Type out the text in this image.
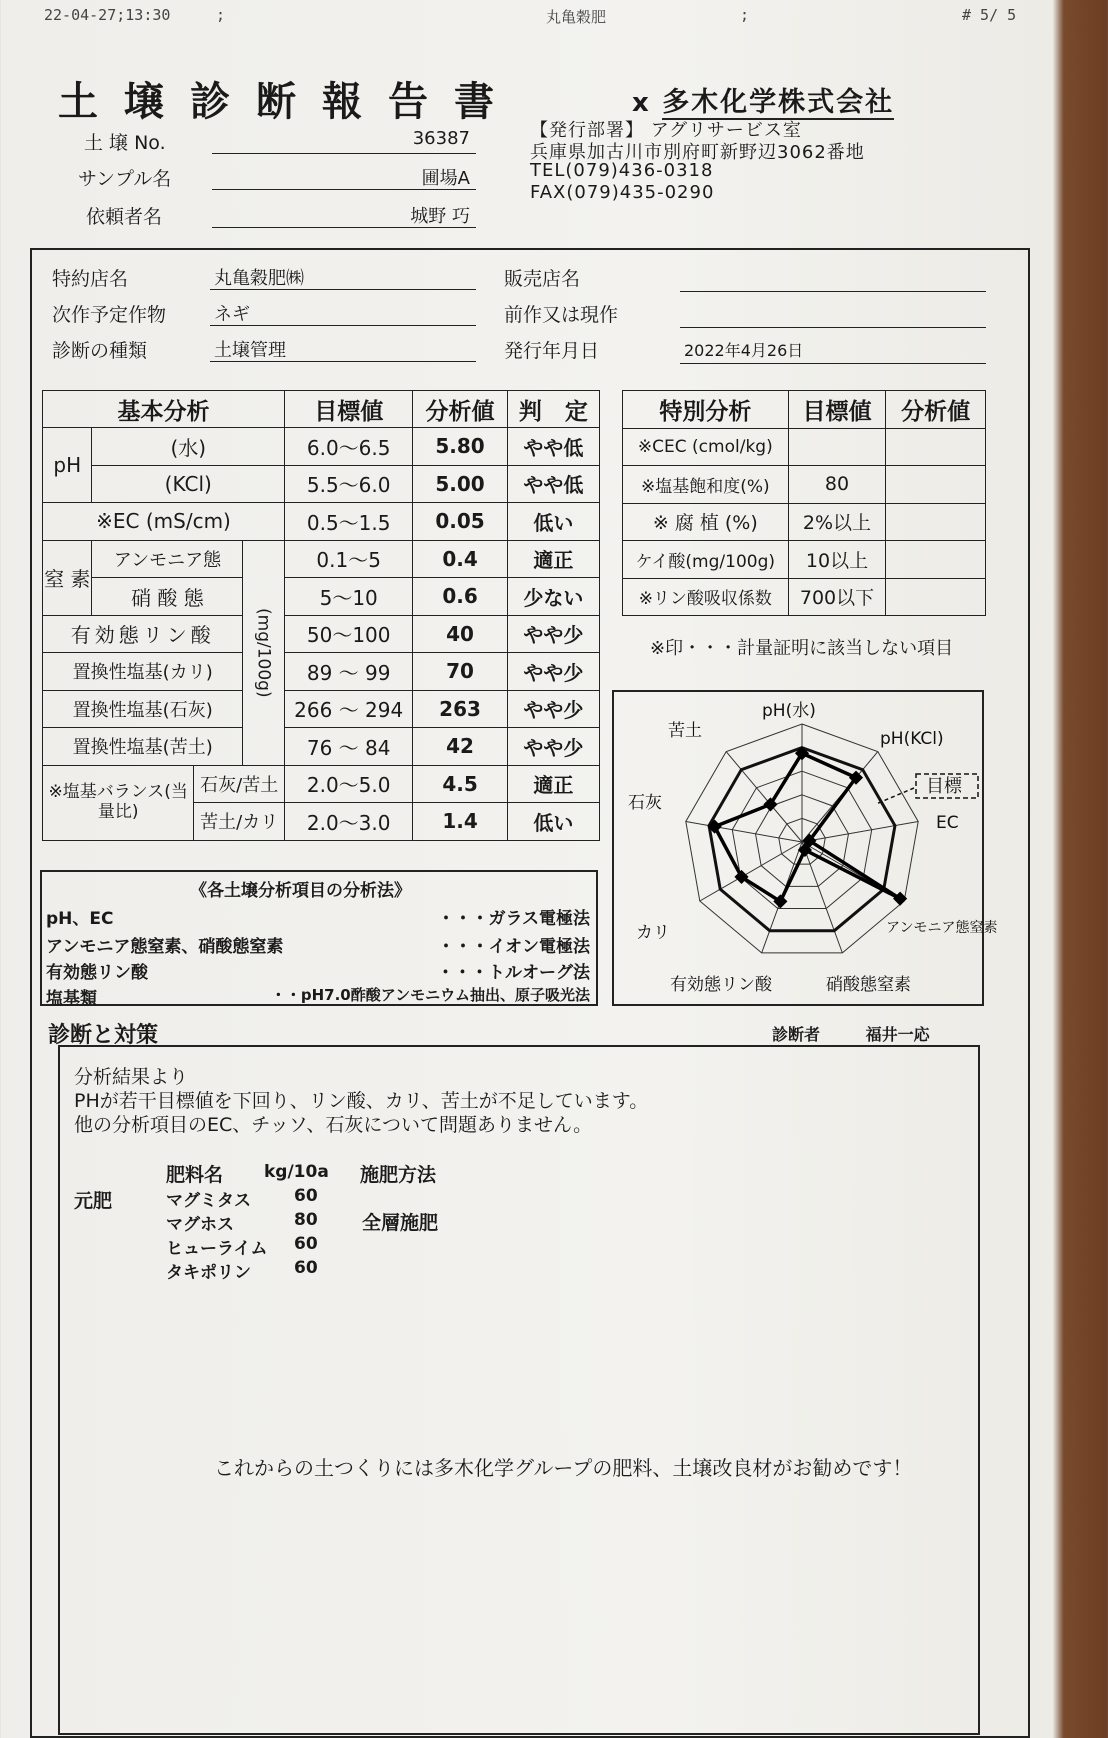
22-04-27;13:30	;	丸亀穀肥	;	# 5/ 5
土壌診断報告書	ⅹ 多木化学株式会社
土 壌 No.	36387
サンプル名	圃場A
依頼者名	城野 巧
【発行部署】 アグリサービス室
兵庫県加古川市別府町新野辺3062番地
TEL(079)436-0318
FAX(079)435-0290
特約店名	丸亀穀肥㈱
次作予定作物	ネギ
診断の種類	土壌管理
販売店名
前作又は現作
発行年月日	2022年4月26日
基本分析				目標値	分析値	判　定
pH	(水)			6.0〜6.5	5.80	やや低
	(KCl)			5.5〜6.0	5.00	やや低
※EC (mS/cm)				0.5〜1.5	0.05	低い
窒 素	アンモニア態		(mg/100g)	0.1〜5	0.4	適正
	硝 酸 態			5〜10	0.6	少ない
有効態リン酸				50〜100	40	やや少
置換性塩基(カリ)				89 〜 99	70	やや少
置換性塩基(石灰)				266 〜 294	263	やや少
置換性塩基(苦土)				76 〜 84	42	やや少
※塩基バランス(当量比)		石灰/苦土		2.0〜5.0	4.5	適正
		苦土/カリ		2.0〜3.0	1.4	低い
特別分析	目標値	分析値
※CEC (cmol/kg)		
※塩基飽和度(%)	80	
※ 腐 植 (%)	2%以上	
ケイ酸(mg/100g)	10以上	
※リン酸吸収係数	700以下	
※印・・・計量証明に該当しない項目
pH(水)
pH(KCl)
EC
アンモニア態窒素
硝酸態窒素
有効態リン酸
カリ
石灰
苦土
目標
《各土壌分析項目の分析法》
pH、EC	・・・ガラス電極法
アンモニア態窒素、硝酸態窒素	・・・イオン電極法
有効態リン酸	・・・トルオーグ法
塩基類	・・pH7.0酢酸アンモニウム抽出、原子吸光法
診断と対策	診断者	福井一応
分析結果より
PHが若干目標値を下回り、リン酸、カリ、苦土が不足しています。
他の分析項目のEC、チッソ、石灰について問題ありません。
肥料名 kg/10a 施肥方法
元肥
全層施肥
マグミタス	60
マグホス	80
ヒューライム 60
タキポリン	60
これからの土つくりには多木化学グループの肥料、土壌改良材がお勧めです！
